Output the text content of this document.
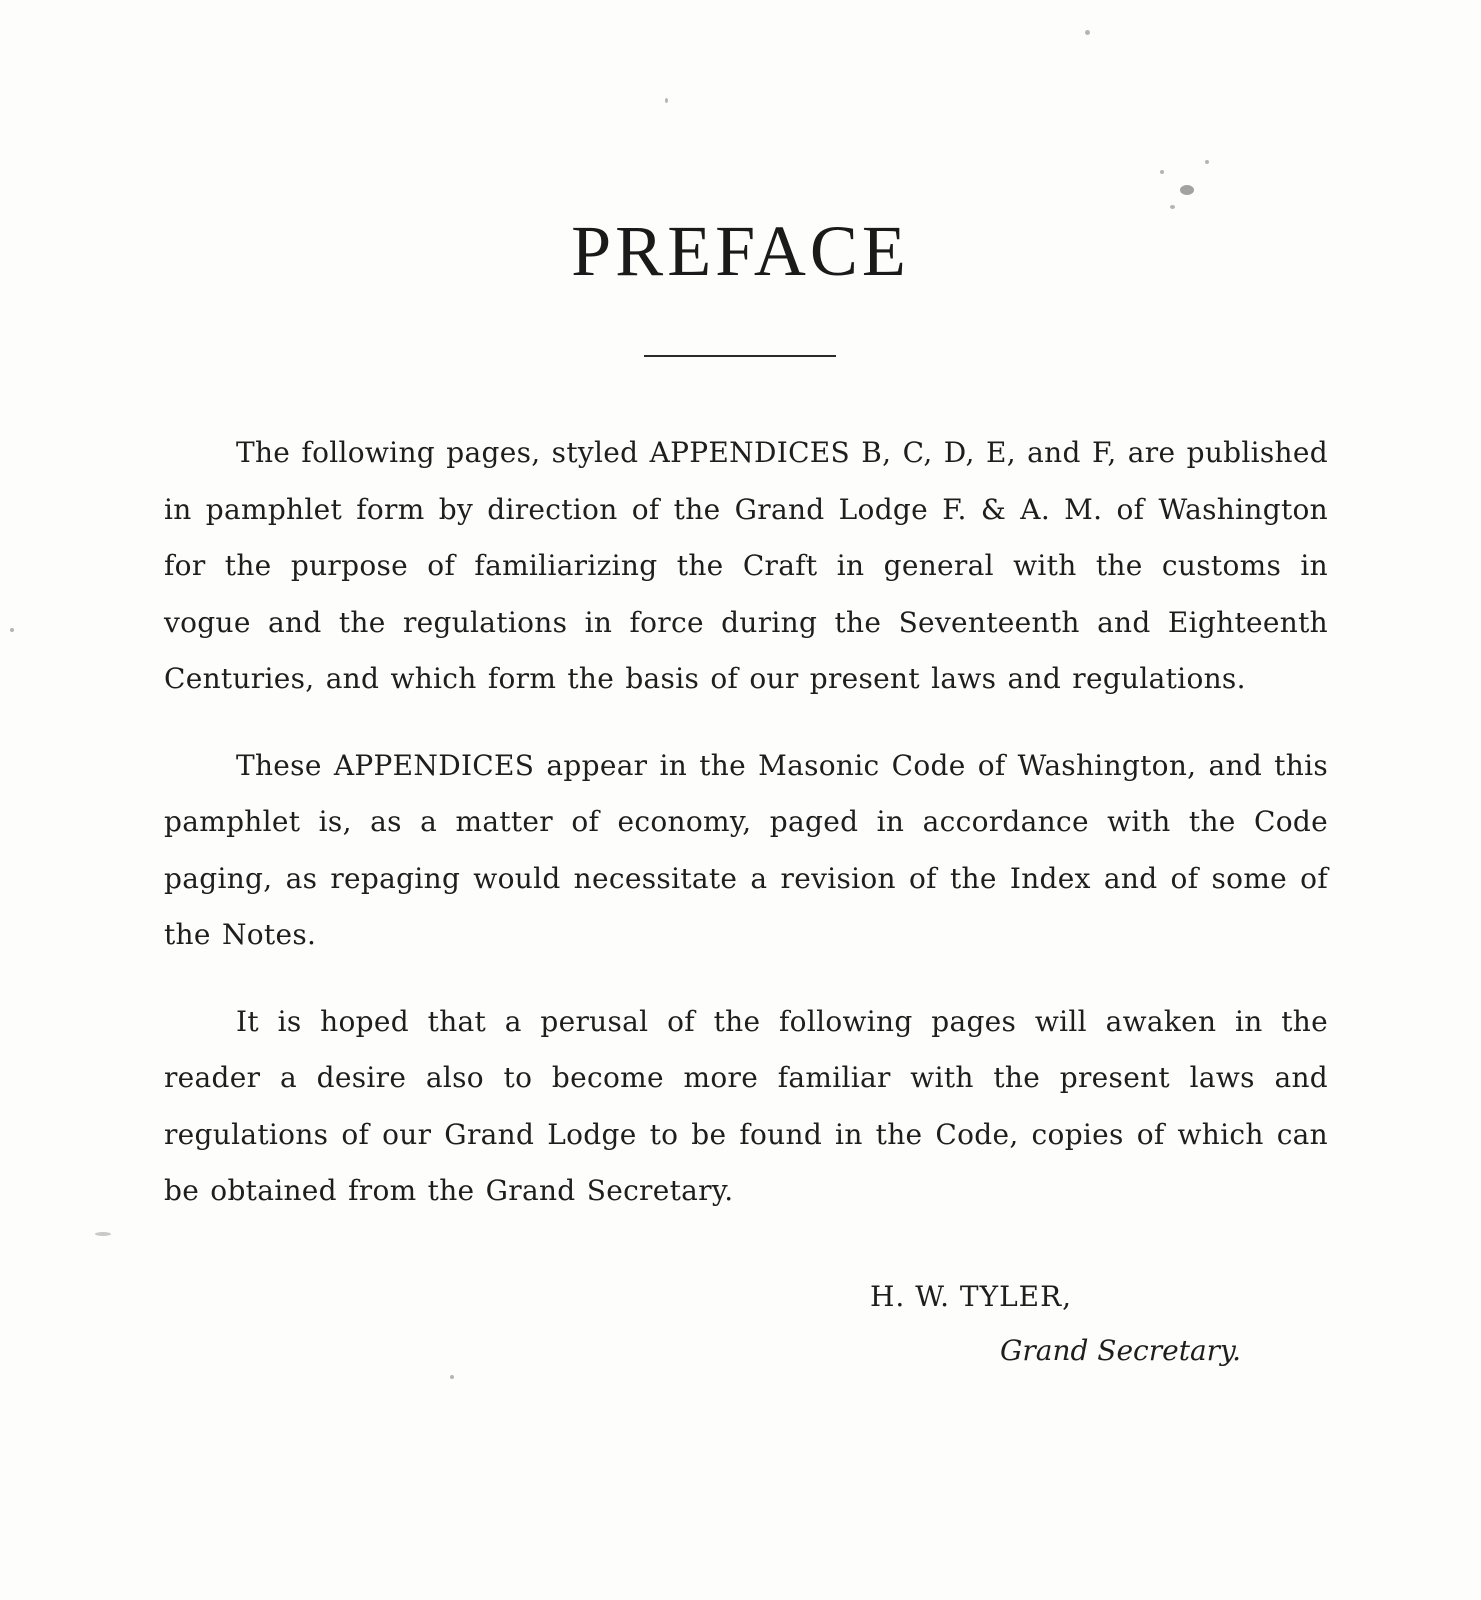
PREFACE

The following pages, styled APPENDICES B, C, D, E, and F, are published in pamphlet form by direction of the Grand Lodge F. & A. M. of Washington for the purpose of familiarizing the Craft in general with the customs in vogue and the regulations in force during the Seventeenth and Eighteenth Centuries, and which form the basis of our present laws and regulations.

These APPENDICES appear in the Masonic Code of Washington, and this pamphlet is, as a matter of economy, paged in accordance with the Code paging, as repaging would necessitate a revision of the Index and of some of the Notes.

It is hoped that a perusal of the following pages will awaken in the reader a desire also to become more familiar with the present laws and regulations of our Grand Lodge to be found in the Code, copies of which can be obtained from the Grand Secretary.

H. W. TYLER,
Grand Secretary.
